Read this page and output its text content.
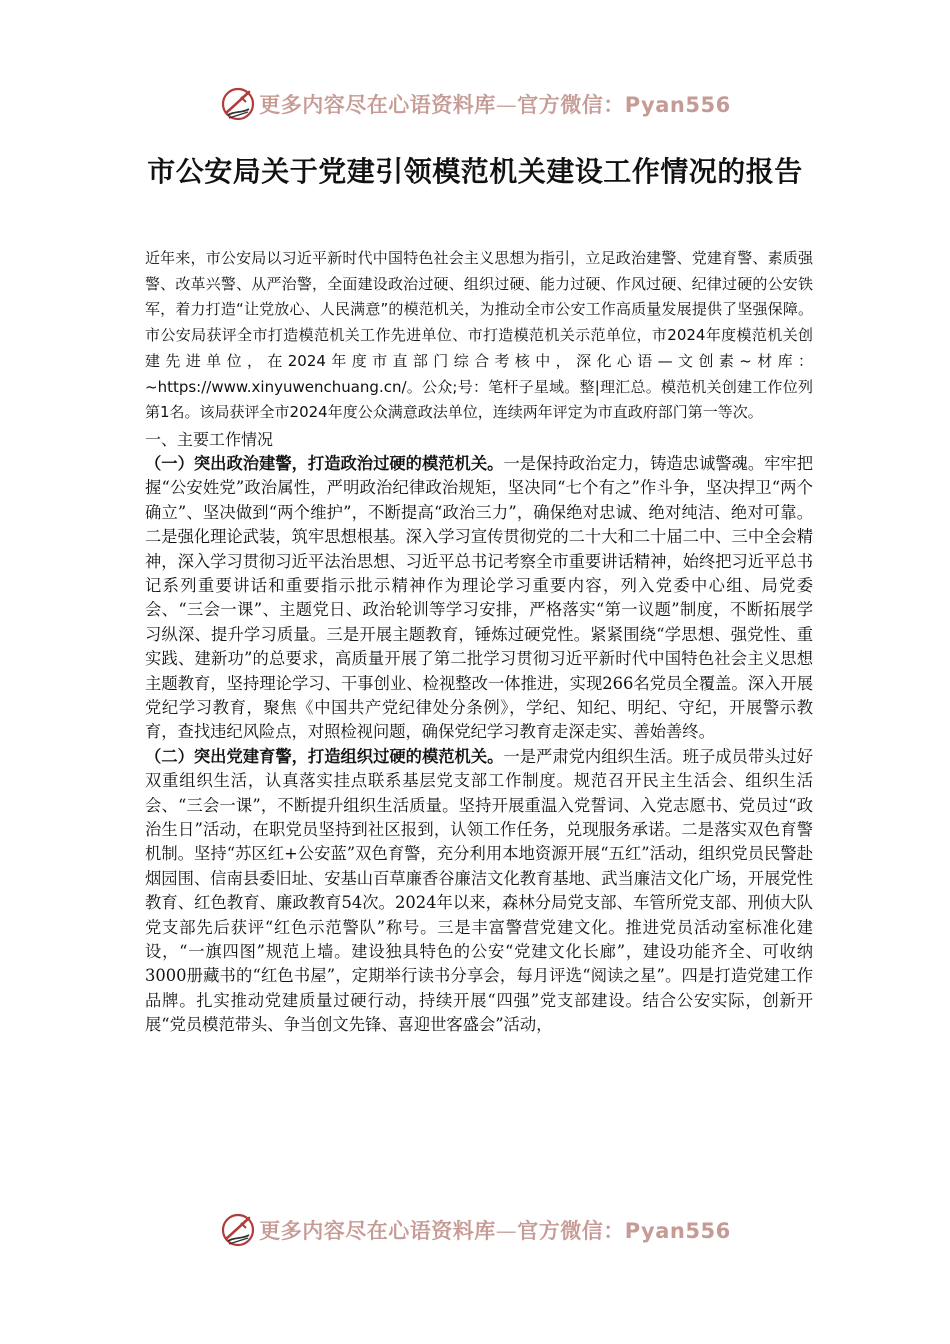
更多内容尽在心语资料库—官方微信：Pyan556
市公安局关于党建引领模范机关建设工作情况的报告

近年来，市公安局以习近平新时代中国特色社会主义思想为指引，立足政治建警、党建育警、素质强警、改革兴警、从严治警，全面建设政治过硬、组织过硬、能力过硬、作风过硬、纪律过硬的公安铁军，着力打造“让党放心、人民满意”的模范机关，为推动全市公安工作高质量发展提供了坚强保障。市公安局获评全市打造模范机关工作先进单位、市打造模范机关示范单位，市2024年度模范机关创建先进单位，在2024年度市直部门综合考核中，深化心语—文创素~材库：~https://www.xinyuwenchuang.cn/。公众;号：笔杆子星域。整|理汇总。模范机关创建工作位列第1名。该局获评全市2024年度公众满意政法单位，连续两年评定为市直政府部门第一等次。

一、主要工作情况

（一）突出政治建警，打造政治过硬的模范机关。一是保持政治定力，铸造忠诚警魂。牢牢把握“公安姓党”政治属性，严明政治纪律政治规矩，坚决同“七个有之”作斗争，坚决捍卫“两个确立”、坚决做到“两个维护”，不断提高“政治三力”，确保绝对忠诚、绝对纯洁、绝对可靠。二是强化理论武装，筑牢思想根基。深入学习宣传贯彻党的二十大和二十届二中、三中全会精神，深入学习贯彻习近平法治思想、习近平总书记考察全市重要讲话精神，始终把习近平总书记系列重要讲话和重要指示批示精神作为理论学习重要内容，列入党委中心组、局党委会、“三会一课”、主题党日、政治轮训等学习安排，严格落实“第一议题”制度，不断拓展学习纵深、提升学习质量。三是开展主题教育，锤炼过硬党性。紧紧围绕“学思想、强党性、重实践、建新功”的总要求，高质量开展了第二批学习贯彻习近平新时代中国特色社会主义思想主题教育，坚持理论学习、干事创业、检视整改一体推进，实现266名党员全覆盖。深入开展党纪学习教育，聚焦《中国共产党纪律处分条例》，学纪、知纪、明纪、守纪，开展警示教育，查找违纪风险点，对照检视问题，确保党纪学习教育走深走实、善始善终。

（二）突出党建育警，打造组织过硬的模范机关。一是严肃党内组织生活。班子成员带头过好双重组织生活，认真落实挂点联系基层党支部工作制度。规范召开民主生活会、组织生活会、“三会一课”，不断提升组织生活质量。坚持开展重温入党誓词、入党志愿书、党员过“政治生日”活动，在职党员坚持到社区报到，认领工作任务，兑现服务承诺。二是落实双色育警机制。坚持“苏区红+公安蓝”双色育警，充分利用本地资源开展“五红”活动，组织党员民警赴烟园围、信南县委旧址、安基山百草廉香谷廉洁文化教育基地、武当廉洁文化广场，开展党性教育、红色教育、廉政教育54次。2024年以来，森林分局党支部、车管所党支部、刑侦大队党支部先后获评“红色示范警队”称号。三是丰富警营党建文化。推进党员活动室标准化建设，“一旗四图”规范上墙。建设独具特色的公安“党建文化长廊”，建设功能齐全、可收纳3000册藏书的“红色书屋”，定期举行读书分享会，每月评选“阅读之星”。四是打造党建工作品牌。扎实推动党建质量过硬行动，持续开展“四强”党支部建设。结合公安实际，创新开展“党员模范带头、争当创文先锋、喜迎世客盛会”活动，

更多内容尽在心语资料库—官方微信：Pyan556
